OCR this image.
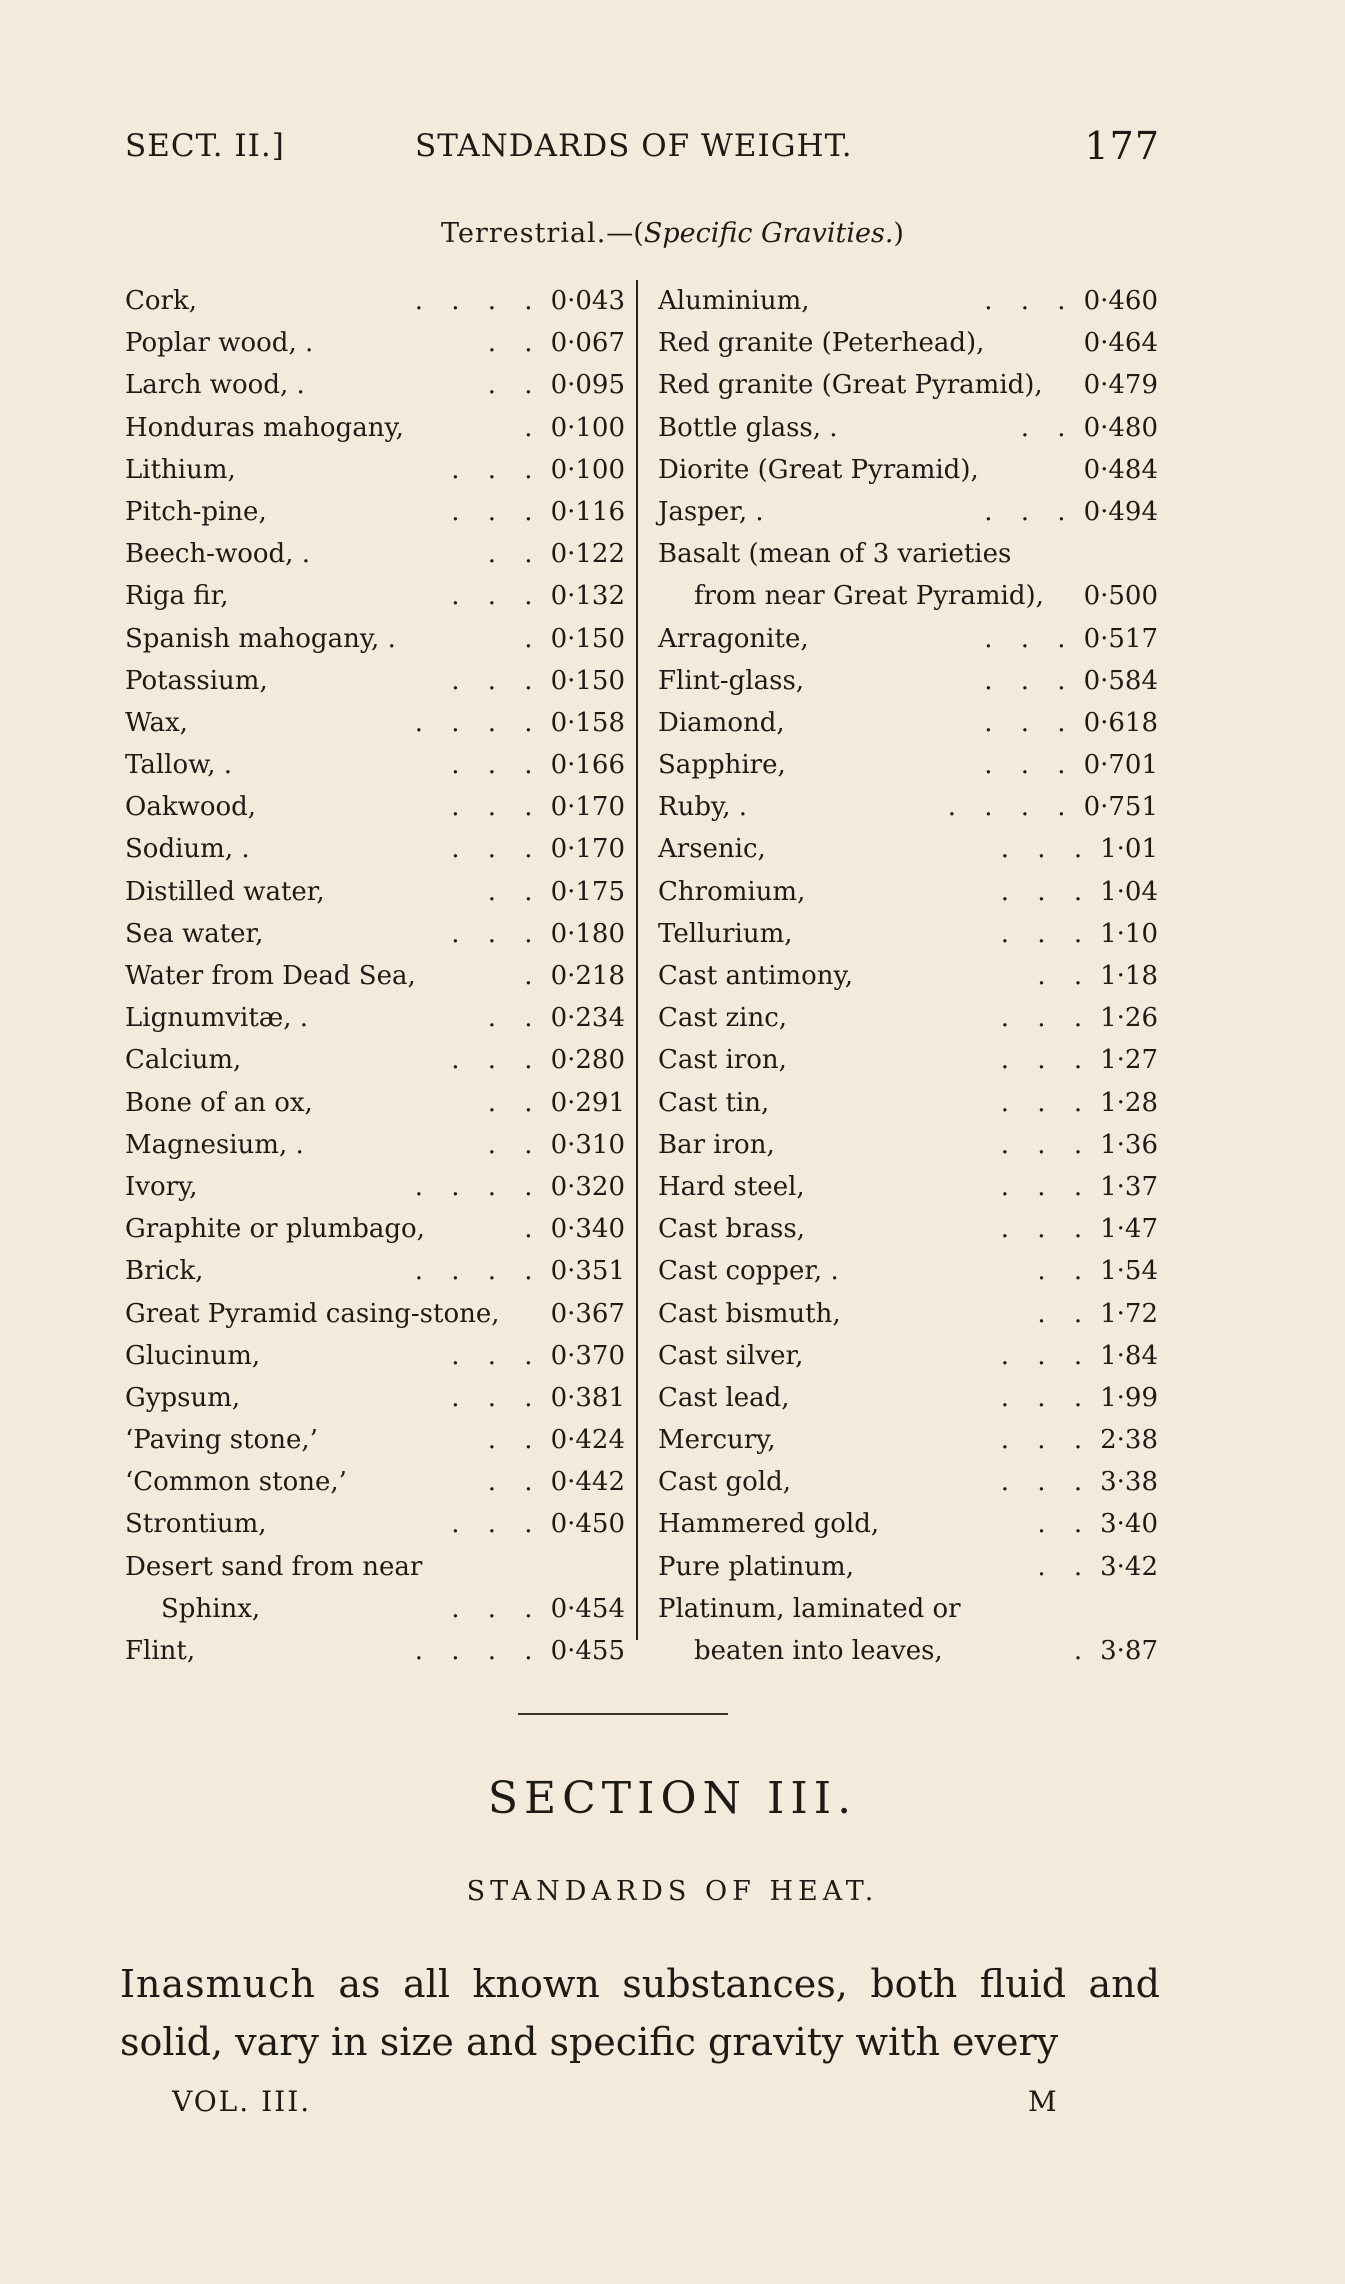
SECT. II.]	STANDARDS OF WEIGHT.	177
Terrestrial.—(Specific Gravities.)
Cork,	. . . . 0·043
Poplar wood, .	. . 0·067
Larch wood, .	. . 0·095
Honduras mahogany,	. 0·100
Lithium,	. . . 0·100
Pitch-pine,	. . . 0·116
Beech-wood, .	. . 0·122
Riga fir,	. . . 0·132
Spanish mahogany, .	. 0·150
Potassium,	. . . 0·150
Wax,	. . . . 0·158
Tallow, .	. . . 0·166
Oakwood,	. . . 0·170
Sodium, .	. . . 0·170
Distilled water,	. . 0·175
Sea water,	. . . 0·180
Water from Dead Sea,	. 0·218
Lignumvitæ, .	. . 0·234
Calcium,	. . . 0·280
Bone of an ox,	. . 0·291
Magnesium, .	. . 0·310
Ivory,	. . . . 0·320
Graphite or plumbago,	. 0·340
Brick,	. . . . 0·351
Great Pyramid casing-stone, 0·367
Glucinum,	. . . 0·370
Gypsum,	. . . 0·381
‘Paving stone,’	. . 0·424
‘Common stone,’	. . 0·442
Strontium,	. . . 0·450
Desert sand from near
Sphinx,	. . . 0·454
Flint,	. . . . 0·455
Aluminium,	. . . 0·460
Red granite (Peterhead),	0·464
Red granite (Great Pyramid), 0·479
Bottle glass, .	. . 0·480
Diorite (Great Pyramid),	0·484
Jasper, .	. . . 0·494
Basalt (mean of 3 varieties
from near Great Pyramid), 0·500
Arragonite,	. . . 0·517
Flint-glass,	. . . 0·584
Diamond,	. . . 0·618
Sapphire,	. . . 0·701
Ruby, .	. . . . 0·751
Arsenic,	. . . 1·01
Chromium,	. . . 1·04
Tellurium,	. . . 1·10
Cast antimony,	. . 1·18
Cast zinc,	. . . 1·26
Cast iron,	. . . 1·27
Cast tin,	. . . 1·28
Bar iron,	. . . 1·36
Hard steel,	. . . 1·37
Cast brass,	. . . 1·47
Cast copper, .	. . 1·54
Cast bismuth,	. . 1·72
Cast silver,	. . . 1·84
Cast lead,	. . . 1·99
Mercury,	. . . 2·38
Cast gold,	. . . 3·38
Hammered gold,	. . 3·40
Pure platinum,	. . 3·42
Platinum, laminated or
beaten into leaves,	. 3·87
SECTION III.
STANDARDS OF HEAT.
Inasmuch as all known substances, both fluid and solid, vary in size and specific gravity with every
VOL. III.	M
